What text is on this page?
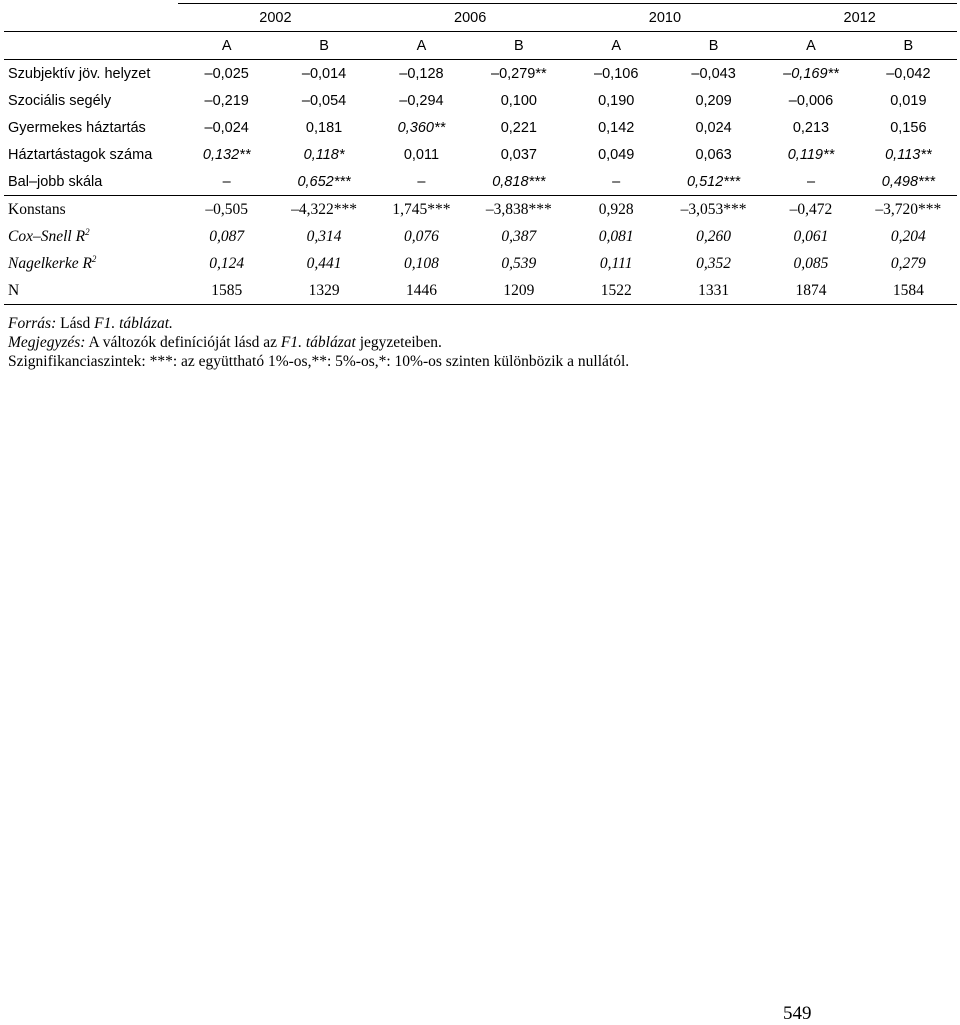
	2002		2006		2010		2012	
	A	B	A	B	A	B	A	B
Szubjektív jöv. helyzet	–0,025	–0,014	–0,128	–0,279**	–0,106	–0,043	–0,169**	–0,042
Szociális segély	–0,219	–0,054	–0,294	0,100	0,190	0,209	–0,006	0,019
Gyermekes háztartás	–0,024	0,181	0,360**	0,221	0,142	0,024	0,213	0,156
Háztartástagok száma	0,132**	0,118*	0,011	0,037	0,049	0,063	0,119**	0,113**
Bal–jobb skála	–	0,652***	–	0,818***	–	0,512***	–	0,498***
Konstans	–0,505	–4,322***	1,745***	–3,838***	0,928	–3,053***	–0,472	–3,720***
Cox–Snell $R^2$	0,087	0,314	0,076	0,387	0,081	0,260	0,061	0,204
Nagelkerke $R^2$	0,124	0,441	0,108	0,539	0,111	0,352	0,085	0,279
N	1585	1329	1446	1209	1522	1331	1874	1584
Forrás: Lásd F1. táblázat.
Megjegyzés: A változók definícióját lásd az F1. táblázat jegyzeteiben.
Szignifikanciaszintek: ***: az együttható 1%-os,**: 5%-os,*: 10%-os szinten különbözik a nullától.
549
